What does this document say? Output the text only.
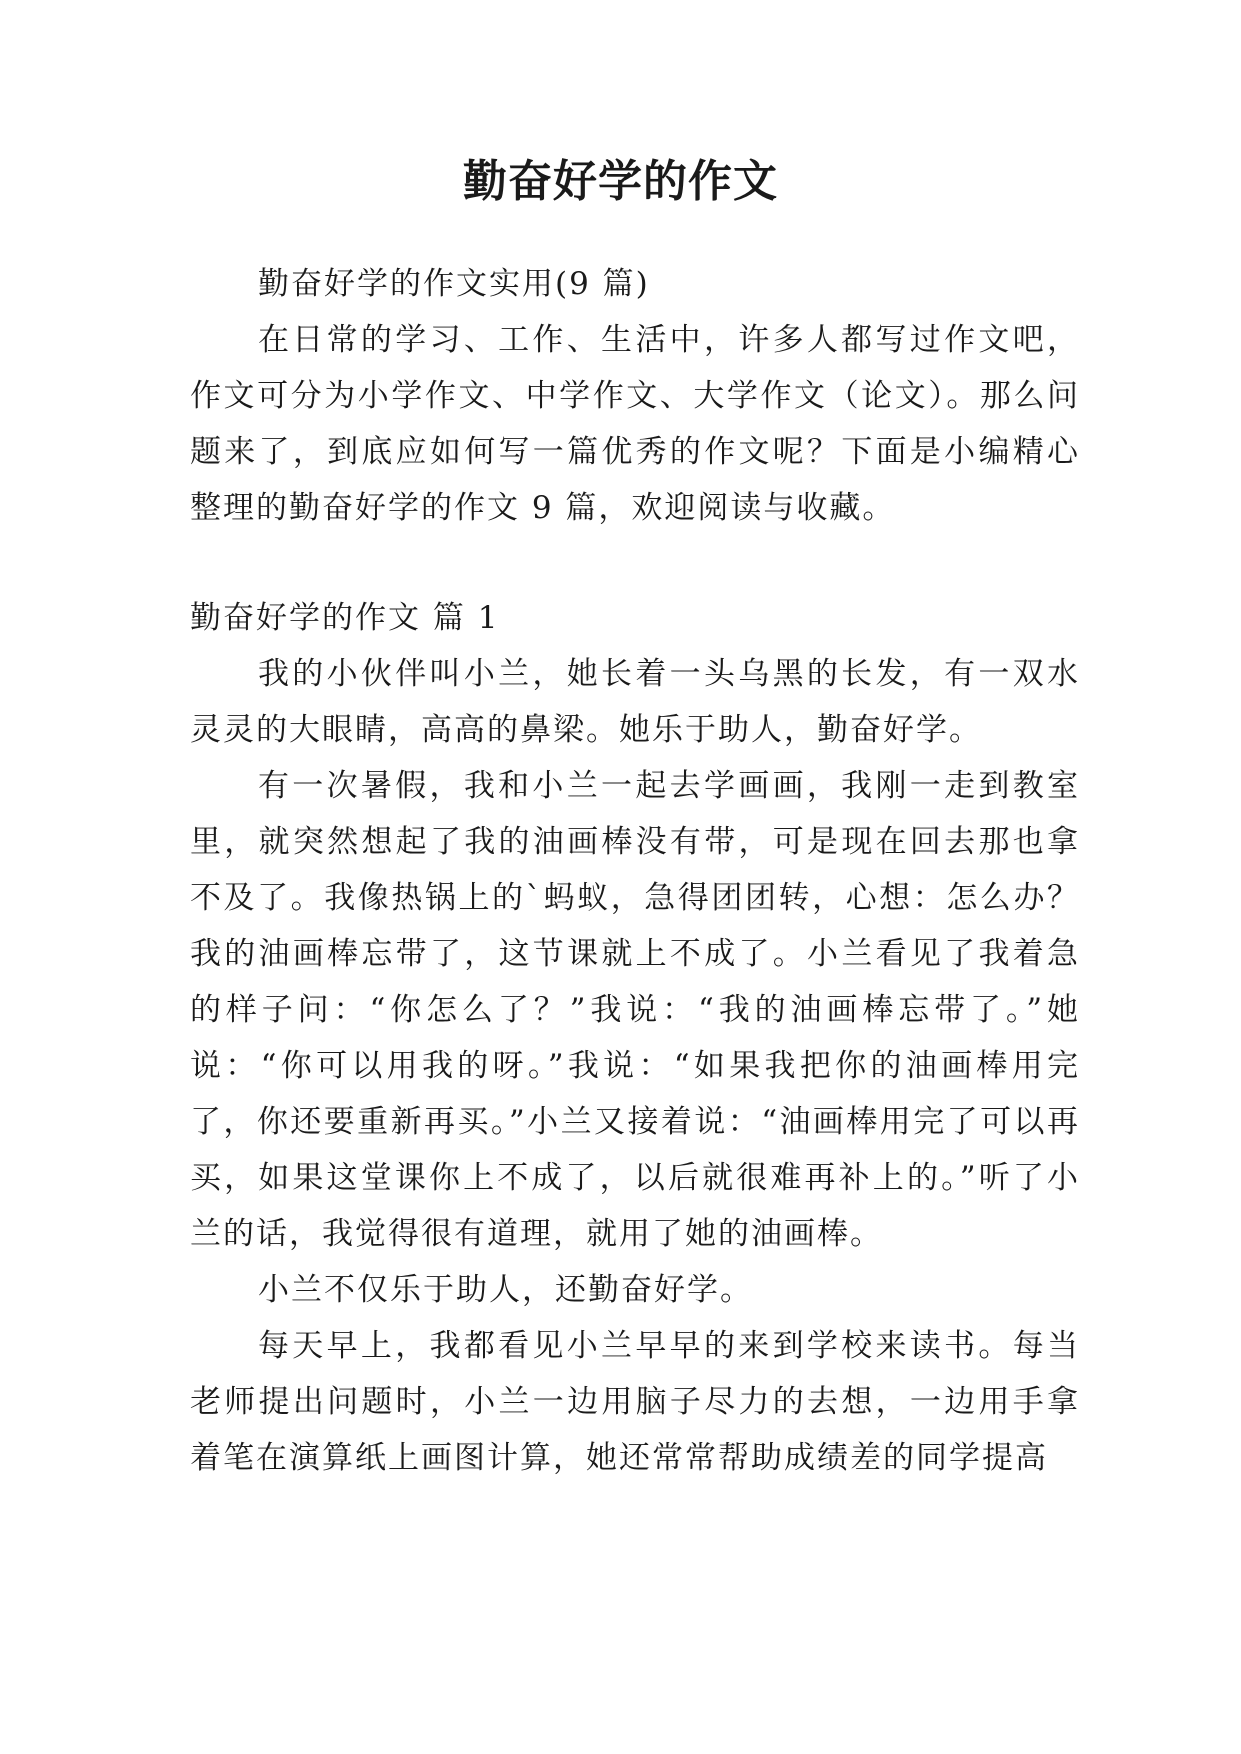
勤奋好学的作文

勤奋好学的作文实用(9 篇)

在日常的学习、工作、生活中，许多人都写过作文吧，作文可分为小学作文、中学作文、大学作文（论文）。那么问题来了，到底应如何写一篇优秀的作文呢？下面是小编精心整理的勤奋好学的作文 9 篇，欢迎阅读与收藏。

勤奋好学的作文 篇 1

我的小伙伴叫小兰，她长着一头乌黑的长发，有一双水灵灵的大眼睛，高高的鼻梁。她乐于助人，勤奋好学。

有一次暑假，我和小兰一起去学画画，我刚一走到教室里，就突然想起了我的油画棒没有带，可是现在回去那也拿不及了。我像热锅上的`蚂蚁，急得团团转，心想：怎么办？我的油画棒忘带了，这节课就上不成了。小兰看见了我着急的样子问：“你怎么了？”我说：“我的油画棒忘带了。”她说：“你可以用我的呀。”我说：“如果我把你的油画棒用完了，你还要重新再买。”小兰又接着说：“油画棒用完了可以再买，如果这堂课你上不成了，以后就很难再补上的。”听了小兰的话，我觉得很有道理，就用了她的油画棒。

小兰不仅乐于助人，还勤奋好学。

每天早上，我都看见小兰早早的来到学校来读书。每当老师提出问题时，小兰一边用脑子尽力的去想，一边用手拿着笔在演算纸上画图计算，她还常常帮助成绩差的同学提高
